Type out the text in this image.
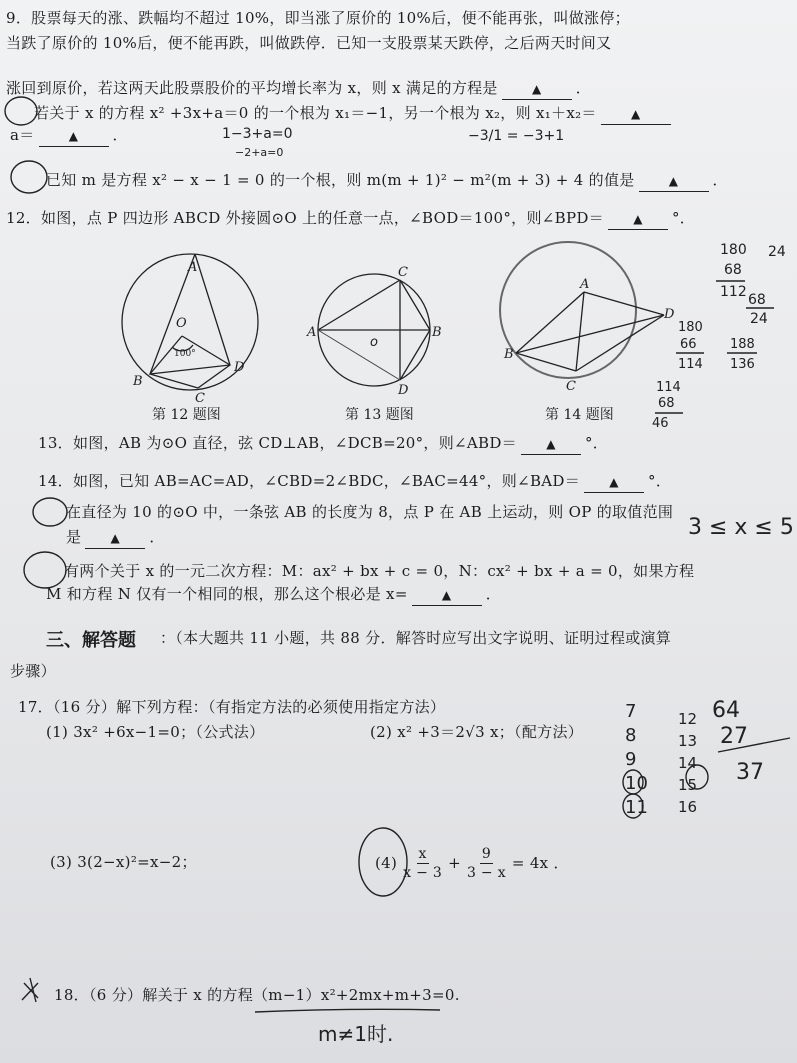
9．股票每天的涨、跌幅均不超过 10%，即当涨了原价的 10%后，便不能再张，叫做涨停；
当跌了原价的 10%后，便不能再跌，叫做跌停．已知一支股票某天跌停，之后两天时间又
涨回到原价，若这两天此股票股价的平均增长率为 x，则 x 满足的方程是	▲ ．
若关于 x 的方程 x² +3x+a＝0 的一个根为 x₁＝−1，另一个根为 x₂，则 x₁＋x₂＝	▲
a＝	▲ ．
已知 m 是方程 x² − x − 1 = 0 的一个根，则 m(m + 1)² − m²(m + 3) + 4 的值是	▲ ．
12．如图，点 P 四边形 ABCD 外接圆⊙O 上的任意一点，∠BOD＝100°，则∠BPD＝ ▲ °．
13．如图，AB 为⊙O 直径，弦 CD⊥AB，∠DCB=20°，则∠ABD＝ ▲ °．
14．如图，已知 AB=AC=AD，∠CBD=2∠BDC，∠BAC=44°，则∠BAD＝ ▲ °．
在直径为 10 的⊙O 中，一条弦 AB 的长度为 8，点 P 在 AB 上运动，则 OP 的取值范围
是 ▲ ．
有两个关于 x 的一元二次方程：M：ax² + bx + c = 0，N：cx² + bx + a = 0，如果方程
M 和方程 N 仅有一个相同的根，那么这个根必是 x=	▲ ．
三、解答题 ：（本大题共 11 小题，共 88 分．解答时应写出文字说明、证明过程或演算
步骤）
17．（16 分）解下列方程：（有指定方法的必须使用指定方法）
(1) 3x² +6x−1=0；（公式法）	(2) x² +3＝2√3 x；（配方法）
(3) 3(2−x)²=x−2；	$(4) \frac{x}{x - 3} + \frac{9}{3 - x} = 4x$ ．
18．（6 分）解关于 x 的方程（m−1）x²+2mx+m+3=0.
第 12 题图	第 13 题图	第 14 题图
A
O
B
C
D
100°
A
o
B
C
D
A
B
C
D
1−3+a=0
−2+a=0
−3/1 = −3+1
180
68
112
24
68
24
180
66
114
188
136
114
68
46
3 ≤ x ≤ 5
7
8
9
10
11
12
13
14
15
16
64
27
37
m≠1时.
